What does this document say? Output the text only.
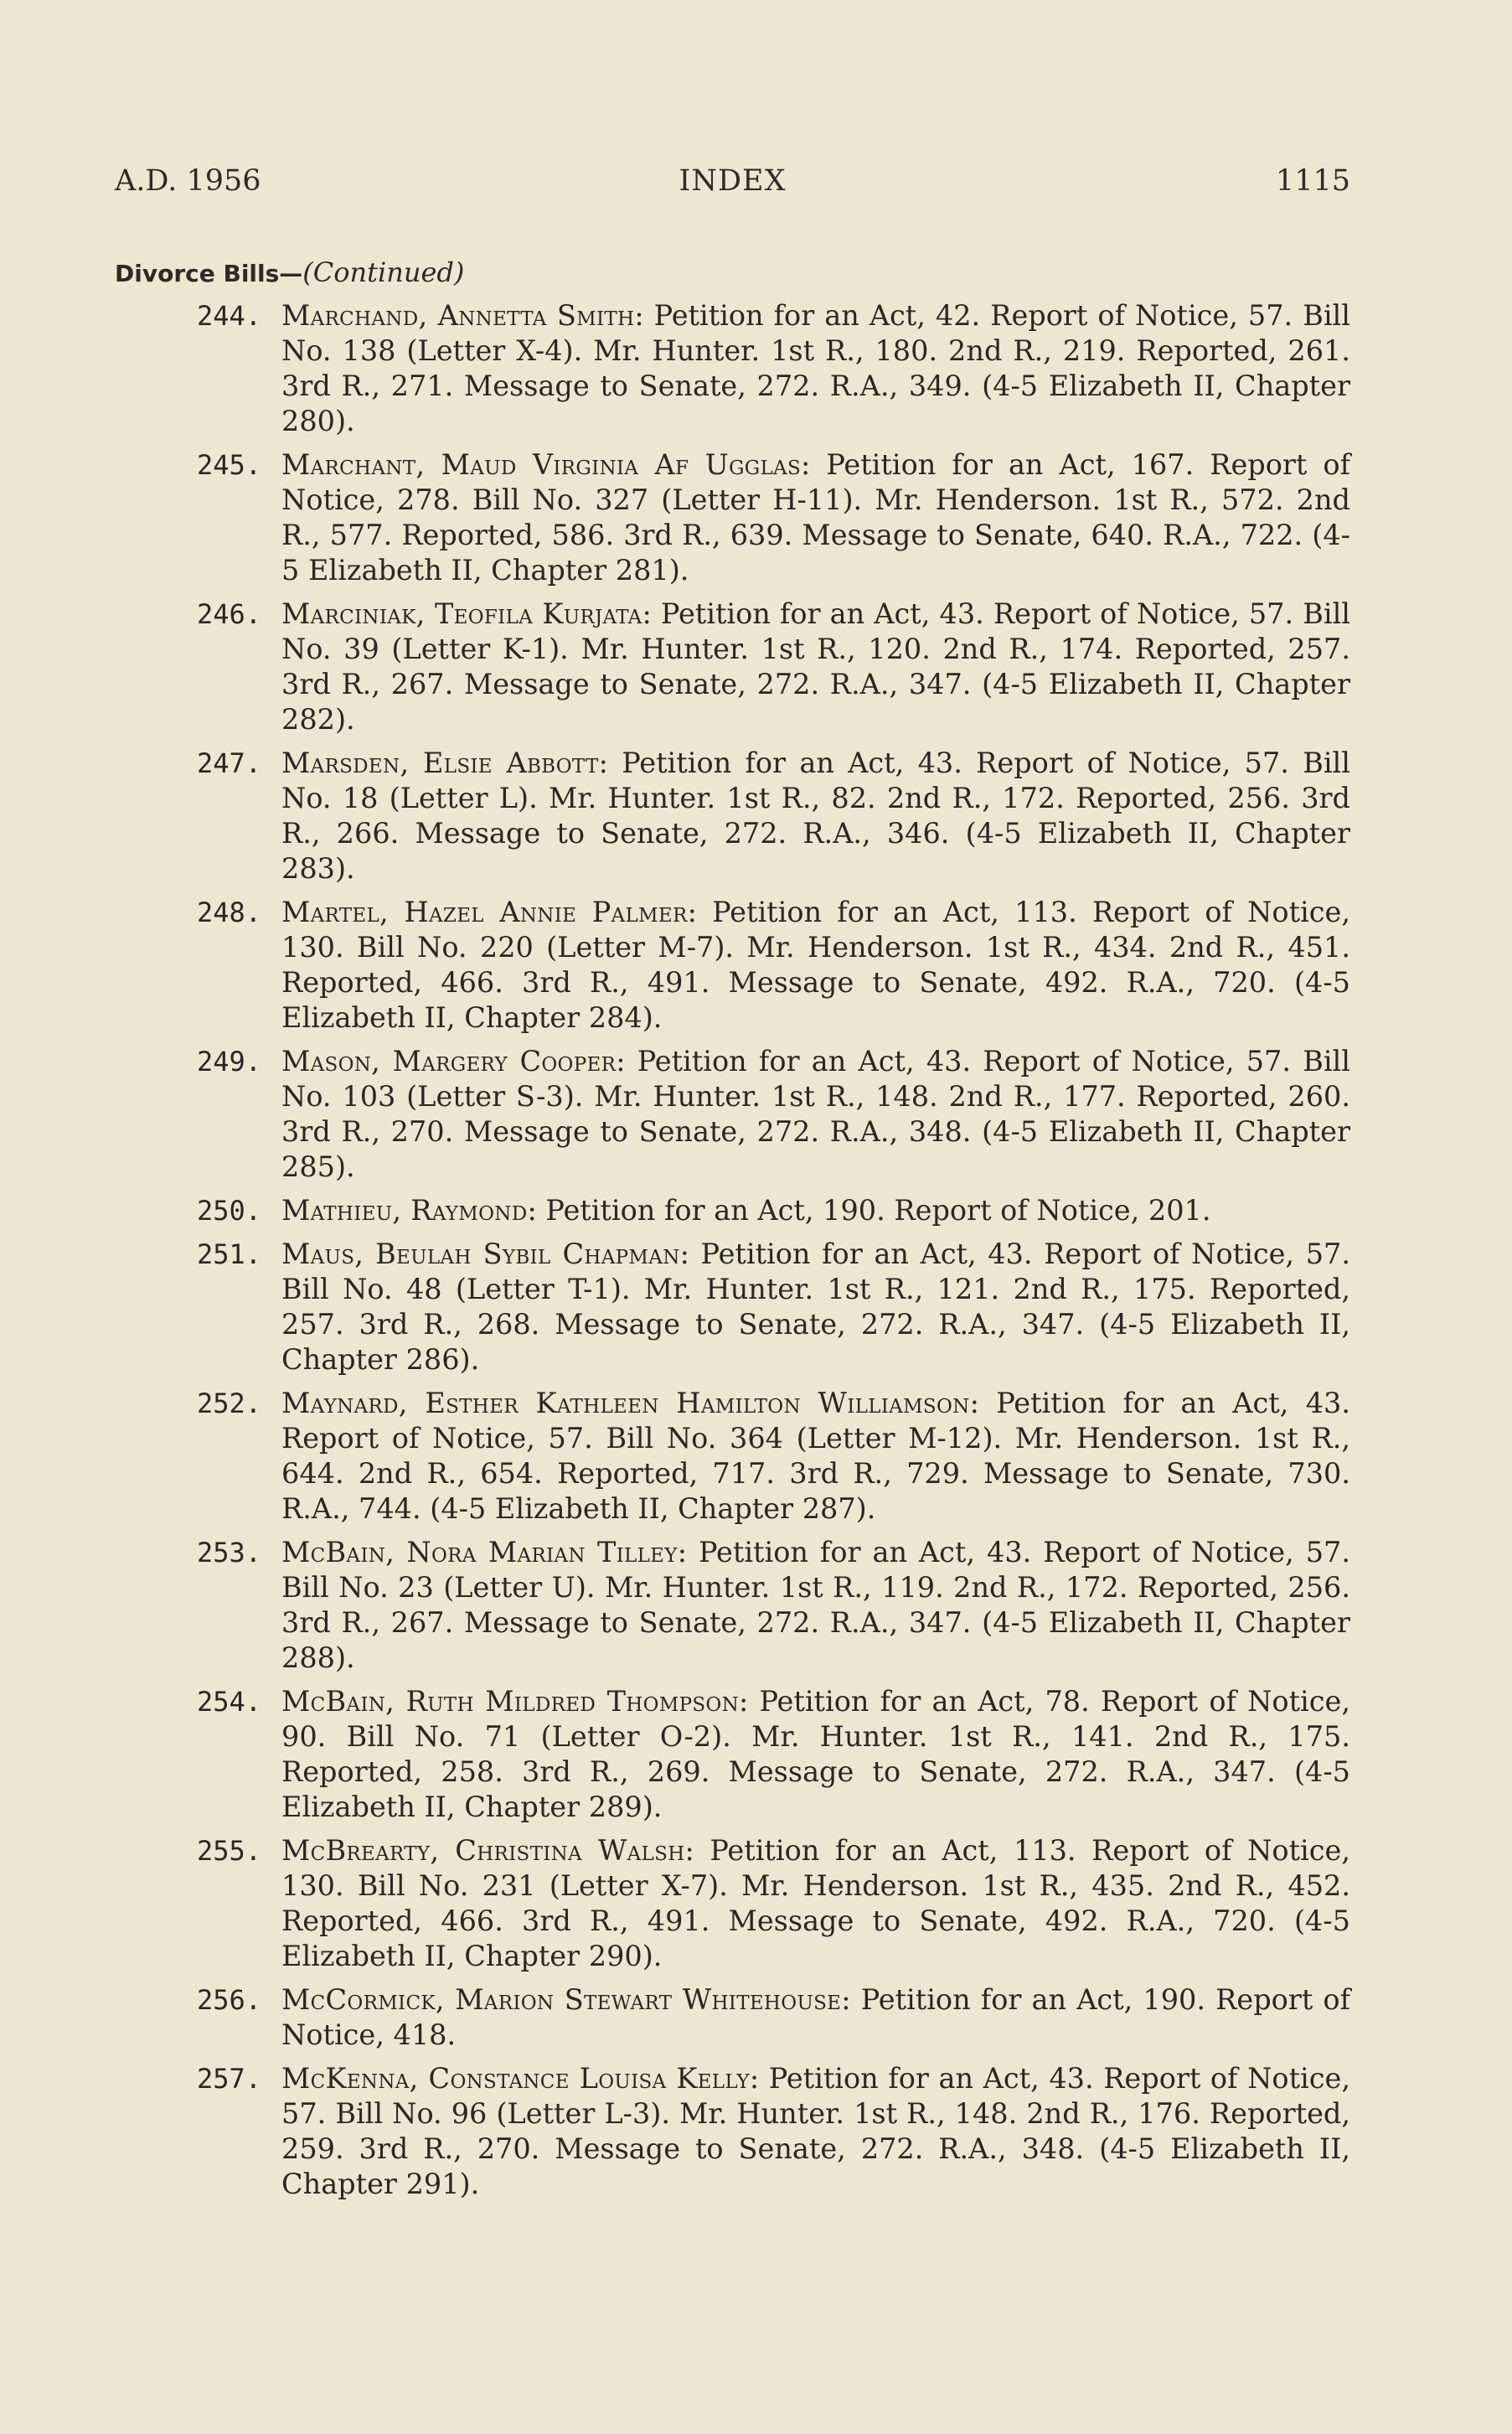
A.D. 1956	INDEX	1115
Divorce Bills—(Continued)
244. Marchand, Annetta Smith: Petition for an Act, 42. Report of Notice, 57. Bill No. 138 (Letter X-4). Mr. Hunter. 1st R., 180. 2nd R., 219. Reported, 261. 3rd R., 271. Message to Senate, 272. R.A., 349. (4-5 Elizabeth II, Chapter 280).
245. Marchant, Maud Virginia Af Ugglas: Petition for an Act, 167. Report of Notice, 278. Bill No. 327 (Letter H-11). Mr. Henderson. 1st R., 572. 2nd R., 577. Reported, 586. 3rd R., 639. Message to Senate, 640. R.A., 722. (4-5 Elizabeth II, Chapter 281).
246. Marciniak, Teofila Kurjata: Petition for an Act, 43. Report of Notice, 57. Bill No. 39 (Letter K-1). Mr. Hunter. 1st R., 120. 2nd R., 174. Reported, 257. 3rd R., 267. Message to Senate, 272. R.A., 347. (4-5 Elizabeth II, Chapter 282).
247. Marsden, Elsie Abbott: Petition for an Act, 43. Report of Notice, 57. Bill No. 18 (Letter L). Mr. Hunter. 1st R., 82. 2nd R., 172. Reported, 256. 3rd R., 266. Message to Senate, 272. R.A., 346. (4-5 Elizabeth II, Chapter 283).
248. Martel, Hazel Annie Palmer: Petition for an Act, 113. Report of Notice, 130. Bill No. 220 (Letter M-7). Mr. Henderson. 1st R., 434. 2nd R., 451. Reported, 466. 3rd R., 491. Message to Senate, 492. R.A., 720. (4-5 Elizabeth II, Chapter 284).
249. Mason, Margery Cooper: Petition for an Act, 43. Report of Notice, 57. Bill No. 103 (Letter S-3). Mr. Hunter. 1st R., 148. 2nd R., 177. Reported, 260. 3rd R., 270. Message to Senate, 272. R.A., 348. (4-5 Elizabeth II, Chapter 285).
250. Mathieu, Raymond: Petition for an Act, 190. Report of Notice, 201.
251. Maus, Beulah Sybil Chapman: Petition for an Act, 43. Report of Notice, 57. Bill No. 48 (Letter T-1). Mr. Hunter. 1st R., 121. 2nd R., 175. Reported, 257. 3rd R., 268. Message to Senate, 272. R.A., 347. (4-5 Elizabeth II, Chapter 286).
252. Maynard, Esther Kathleen Hamilton Williamson: Petition for an Act, 43. Report of Notice, 57. Bill No. 364 (Letter M-12). Mr. Henderson. 1st R., 644. 2nd R., 654. Reported, 717. 3rd R., 729. Message to Senate, 730. R.A., 744. (4-5 Elizabeth II, Chapter 287).
253. McBain, Nora Marian Tilley: Petition for an Act, 43. Report of Notice, 57. Bill No. 23 (Letter U). Mr. Hunter. 1st R., 119. 2nd R., 172. Reported, 256. 3rd R., 267. Message to Senate, 272. R.A., 347. (4-5 Elizabeth II, Chapter 288).
254. McBain, Ruth Mildred Thompson: Petition for an Act, 78. Report of Notice, 90. Bill No. 71 (Letter O-2). Mr. Hunter. 1st R., 141. 2nd R., 175. Reported, 258. 3rd R., 269. Message to Senate, 272. R.A., 347. (4-5 Elizabeth II, Chapter 289).
255. McBrearty, Christina Walsh: Petition for an Act, 113. Report of Notice, 130. Bill No. 231 (Letter X-7). Mr. Henderson. 1st R., 435. 2nd R., 452. Reported, 466. 3rd R., 491. Message to Senate, 492. R.A., 720. (4-5 Elizabeth II, Chapter 290).
256. McCormick, Marion Stewart Whitehouse: Petition for an Act, 190. Report of Notice, 418.
257. McKenna, Constance Louisa Kelly: Petition for an Act, 43. Report of Notice, 57. Bill No. 96 (Letter L-3). Mr. Hunter. 1st R., 148. 2nd R., 176. Reported, 259. 3rd R., 270. Message to Senate, 272. R.A., 348. (4-5 Elizabeth II, Chapter 291).
